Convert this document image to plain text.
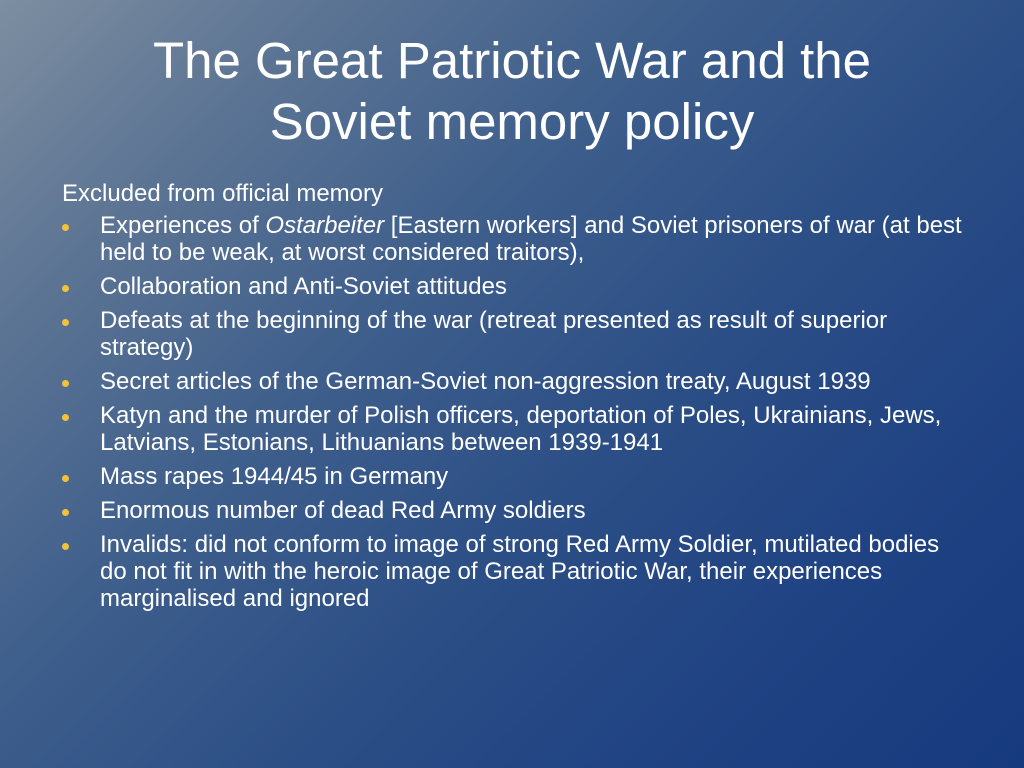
The Great Patriotic War and the
Soviet memory policy

Excluded from official memory

Experiences of Ostarbeiter [Eastern workers] and Soviet prisoners of war (at best held to be weak, at worst considered traitors),
Collaboration and Anti-Soviet attitudes
Defeats at the beginning of the war (retreat presented as result of superior strategy)
Secret articles of the German-Soviet non-aggression treaty, August 1939
Katyn and the murder of Polish officers, deportation of Poles, Ukrainians, Jews, Latvians, Estonians, Lithuanians between 1939-1941
Mass rapes 1944/45 in Germany
Enormous number of dead Red Army soldiers
Invalids: did not conform to image of strong Red Army Soldier, mutilated bodies do not fit in with the heroic image of Great Patriotic War, their experiences marginalised and ignored
